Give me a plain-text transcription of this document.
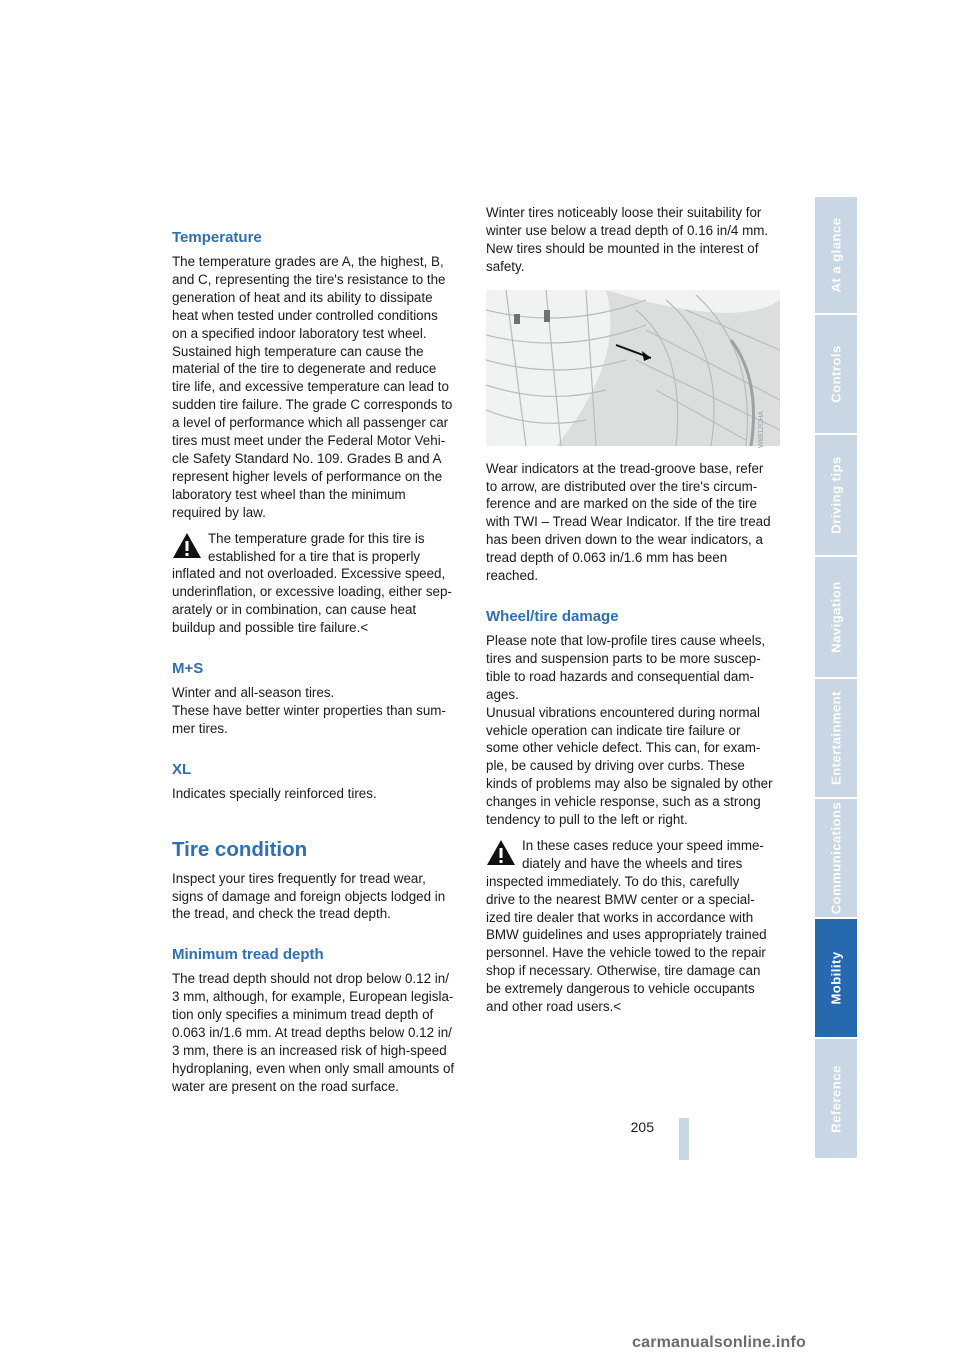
Temperature

The temperature grades are A, the highest, B,

and C, representing the tire's resistance to the

generation of heat and its ability to dissipate

heat when tested under controlled conditions

on a specified indoor laboratory test wheel.

Sustained high temperature can cause the

material of the tire to degenerate and reduce

tire life, and excessive temperature can lead to

sudden tire failure. The grade C corresponds to

a level of performance which all passenger car

tires must meet under the Federal Motor Vehi-

cle Safety Standard No. 109. Grades B and A

represent higher levels of performance on the

laboratory test wheel than the minimum

required by law.

The temperature grade for this tire is

established for a tire that is properly

inflated and not overloaded. Excessive speed,

underinflation, or excessive loading, either sep-

arately or in combination, can cause heat

buildup and possible tire failure.<

M+S

Winter and all-season tires.

These have better winter properties than sum-

mer tires.

XL

Indicates specially reinforced tires.

Tire condition

Inspect your tires frequently for tread wear,

signs of damage and foreign objects lodged in

the tread, and check the tread depth.

Minimum tread depth

The tread depth should not drop below 0.12 in/

3 mm, although, for example, European legisla-

tion only specifies a minimum tread depth of

0.063 in/1.6 mm. At tread depths below 0.12 in/

3 mm, there is an increased risk of high-speed

hydroplaning, even when only small amounts of

water are present on the road surface.

Winter tires noticeably loose their suitability for

winter use below a tread depth of 0.16 in/4 mm.

New tires should be mounted in the interest of

safety.

Wear indicators at the tread-groove base, refer

to arrow, are distributed over the tire's circum-

ference and are marked on the side of the tire

with TWI – Tread Wear Indicator. If the tire tread

has been driven down to the wear indicators, a

tread depth of 0.063 in/1.6 mm has been

reached.

Wheel/tire damage

Please note that low-profile tires cause wheels,

tires and suspension parts to be more suscep-

tible to road hazards and consequential dam-

ages.

Unusual vibrations encountered during normal

vehicle operation can indicate tire failure or

some other vehicle defect. This can, for exam-

ple, be caused by driving over curbs. These

kinds of problems may also be signaled by other

changes in vehicle response, such as a strong

tendency to pull to the left or right.

In these cases reduce your speed imme-

diately and have the wheels and tires

inspected immediately. To do this, carefully

drive to the nearest BMW center or a special-

ized tire dealer that works in accordance with

BMW guidelines and uses appropriately trained

personnel. Have the vehicle towed to the repair

shop if necessary. Otherwise, tire damage can

be extremely dangerous to vehicle occupants

and other road users.<

W8812CHA
At a glance
Controls
Driving tips
Navigation
Entertainment
Communications
Mobility
Reference
205
carmanualsonline.info
